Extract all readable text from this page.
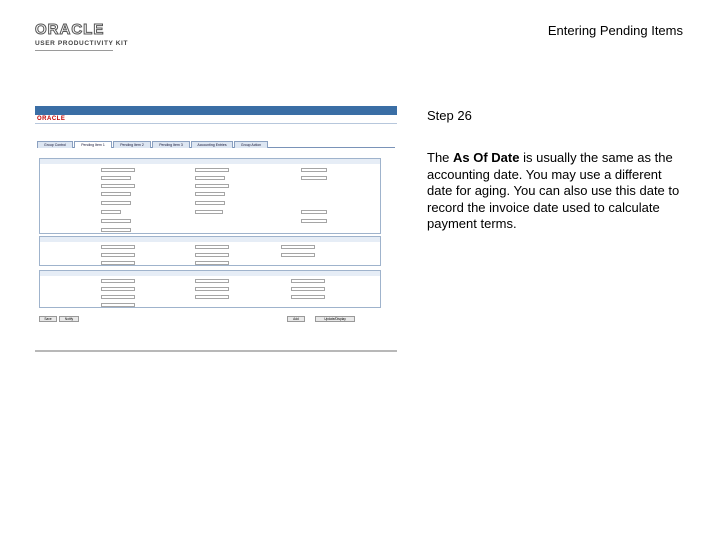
ORACLE
USER PRODUCTIVITY KIT
Entering Pending Items
ORACLE
Group Control	Pending Item 1	Pending Item 2	Pending Item 3	Accounting Entries	Group Action
Save	Notify	Add	Update/Display
Step 26
The As Of Date is usually the same as the accounting date. You may use a different date for aging. You can also use this date to record the invoice date used to calculate payment terms.
